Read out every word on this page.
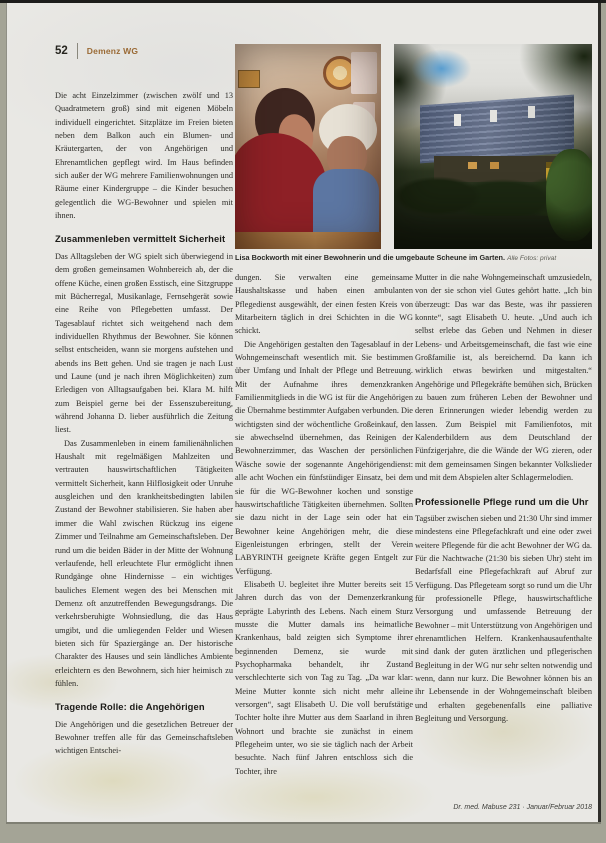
52 Demenz WG
Lisa Bockworth mit einer Bewohnerin und die umgebaute Scheune im Garten. Alle Fotos: privat

Die acht Einzelzimmer (zwischen zwölf und 13 Quadratmetern groß) sind mit eigenen Möbeln individuell eingerichtet. Sitzplätze im Freien bieten neben dem Balkon auch ein Blumen- und Kräutergarten, der von Angehörigen und Ehrenamtlichen gepflegt wird. Im Haus befinden sich außer der WG mehrere Familienwohnungen und Räume einer Kindergruppe – die Kinder besuchen gelegentlich die WG-Bewohner und spielen mit ihnen.

Zusammenleben vermittelt Sicherheit

Das Alltagsleben der WG spielt sich überwiegend in dem großen gemeinsamen Wohnbereich ab, der die offene Küche, einen großen Esstisch, eine Sitzgruppe mit Bücherregal, Musikanlage, Fernsehgerät sowie eine Reihe von Pflegebetten umfasst. Der Tagesablauf richtet sich weitgehend nach dem individuellen Rhythmus der Bewohner. Sie können selbst entscheiden, wann sie morgens aufstehen und abends ins Bett gehen. Und sie tragen je nach Lust und Laune (und je nach ihren Möglichkeiten) zum Erledigen von Alltagsaufgaben bei. Klara M. hilft zum Beispiel gerne bei der Essenszubereitung, während Johanna D. lieber ausführlich die Zeitung liest.

Das Zusammenleben in einem familienähnlichen Haushalt mit regelmäßigen Mahlzeiten und vertrauten hauswirtschaftlichen Tätigkeiten vermittelt Sicherheit, kann Hilflosigkeit oder Unruhe ausgleichen und den krankheitsbedingten labilen Zustand der Bewohner stabilisieren. Sie haben aber immer die Wahl zwischen Rückzug ins eigene Zimmer und Teilnahme am Gemeinschaftsleben. Der rund um die beiden Bäder in der Mitte der Wohnung verlaufende, hell erleuchtete Flur ermöglicht ihnen Rundgänge ohne Hindernisse – ein wichtiges bauliches Element wegen des bei Menschen mit Demenz oft anzutreffenden Bewegungsdrangs. Die verkehrsberuhigte Wohnsiedlung, die das Haus umgibt, und die umliegenden Felder und Wiesen bieten sich für Spaziergänge an. Der historische Charakter des Hauses und sein ländliches Ambiente erleichtern es den Bewohnern, sich hier heimisch zu fühlen.

Tragende Rolle: die Angehörigen

Die Angehörigen und die gesetzlichen Betreuer der Bewohner treffen alle für das Gemeinschaftsleben wichtigen Entschei-

dungen. Sie verwalten eine gemeinsame Haushaltskasse und haben einen ambulanten Pflegedienst ausgewählt, der einen festen Kreis von Mitarbeitern täglich in drei Schichten in die WG schickt.

Die Angehörigen gestalten den Tagesablauf in der Wohngemeinschaft wesentlich mit. Sie bestimmen über Umfang und Inhalt der Pflege und Betreuung. Mit der Aufnahme ihres demenzkranken Familienmitglieds in die WG ist für die Angehörigen die Übernahme bestimmter Aufgaben verbunden. Die wichtigsten sind der wöchentliche Großeinkauf, den sie abwechselnd übernehmen, das Reinigen der Bewohnerzimmer, das Waschen der persönlichen Wäsche sowie der sogenannte Angehörigendienst: alle acht Wochen ein fünfstündiger Einsatz, bei dem sie für die WG-Bewohner kochen und sonstige hauswirtschaftliche Tätigkeiten übernehmen. Sollten sie dazu nicht in der Lage sein oder hat ein Bewohner keine Angehörigen mehr, die diese Eigenleistungen erbringen, stellt der Verein LABYRINTH geeignete Kräfte gegen Entgelt zur Verfügung.

Elisabeth U. begleitet ihre Mutter bereits seit 15 Jahren durch das von der Demenzerkrankung geprägte Labyrinth des Lebens. Nach einem Sturz musste die Mutter damals ins heimatliche Krankenhaus, bald zeigten sich Symptome ihrer beginnenden Demenz, sie wurde mit Psychopharmaka behandelt, ihr Zustand verschlechterte sich von Tag zu Tag. „Da war klar: Meine Mutter konnte sich nicht mehr alleine versorgen“, sagt Elisabeth U. Die voll berufstätige Tochter holte ihre Mutter aus dem Saarland in ihren Wohnort und brachte sie zunächst in einem Pflegeheim unter, wo sie sie täglich nach der Arbeit besuchte. Nach fünf Jahren entschloss sich die Tochter, ihre

Mutter in die nahe Wohngemeinschaft umzusiedeln, von der sie schon viel Gutes gehört hatte. „Ich bin überzeugt: Das war das Beste, was ihr passieren konnte“, sagt Elisabeth U. heute. „Und auch ich selbst erlebe das Geben und Nehmen in dieser Lebens- und Arbeitsgemeinschaft, die fast wie eine Großfamilie ist, als bereichernd. Da kann ich wirklich etwas bewirken und mitgestalten.“ Angehörige und Pflegekräfte bemühen sich, Brücken zu bauen zum früheren Leben der Bewohner und deren Erinnerungen wieder lebendig werden zu lassen. Zum Beispiel mit Familienfotos, mit Kalenderbildern aus dem Deutschland der Fünfzigerjahre, die die Wände der WG zieren, oder mit dem gemeinsamen Singen bekannter Volkslieder und mit dem Abspielen alter Schlagermelodien.

Professionelle Pflege rund um die Uhr

Tagsüber zwischen sieben und 21:30 Uhr sind immer mindestens eine Pflegefachkraft und eine oder zwei weitere Pflegende für die acht Bewohner der WG da. Für die Nachtwache (21:30 bis sieben Uhr) steht im Bedarfsfall eine Pflegefachkraft auf Abruf zur Verfügung. Das Pflegeteam sorgt so rund um die Uhr für professionelle Pflege, hauswirtschaftliche Versorgung und umfassende Betreuung der Bewohner – mit Unterstützung von Angehörigen und ehrenamtlichen Helfern. Krankenhausaufenthalte sind dank der guten ärztlichen und pflegerischen Begleitung in der WG nur sehr selten notwendig und wenn, dann nur kurz. Die Bewohner können bis an ihr Lebensende in der Wohngemeinschaft bleiben und erhalten gegebenenfalls eine palliative Begleitung und Versorgung.

Dr. med. Mabuse 231 · Januar/Februar 2018
